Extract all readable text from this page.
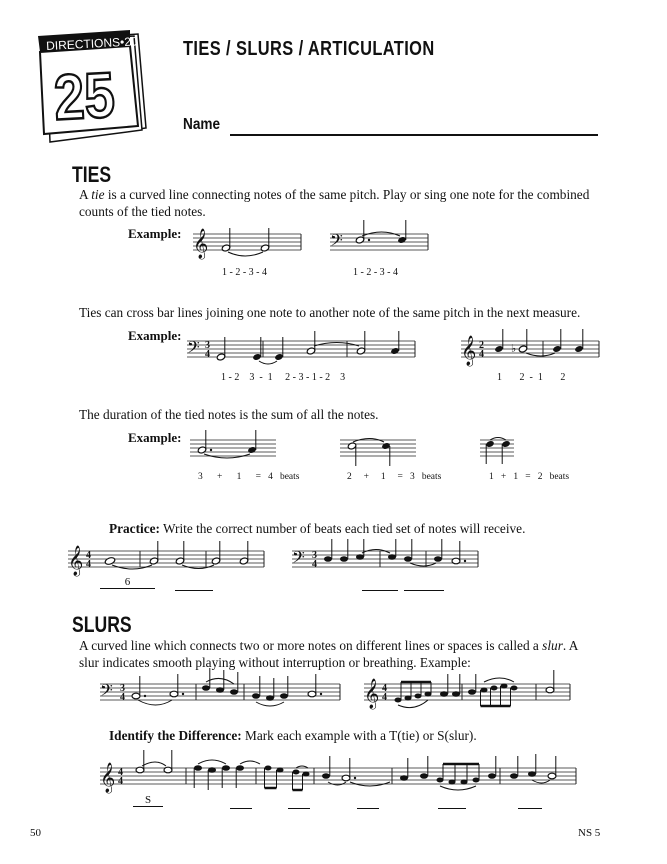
DIRECTIONS•20
25
TIES / SLURS / ARTICULATION
Name
TIES
A tie is a curved line connecting notes of the same pitch. Play or sing one note for the combined
counts of the tied notes.
Example: 𝄞
1 - 2 - 3 - 4
𝄢
1 - 2 - 3 - 4
Ties can cross bar lines joining one note to another note of the same pitch in the next measure.
Example:
𝄢 3
4
1 - 2    3  -  1     2 - 3 - 1 - 2    3
𝄞 2
4 ♭
1       2  -  1       2
The duration of the tied notes is the sum of all the notes.
Example:
3      +      1      =   4   beats	2     +     1     =   3   beats	1   +   1   =   2   beats
Practice: Write the correct number of beats each tied set of notes will receive.
𝄞 4
4
6
𝄢 3
4
SLURS
A curved line which connects two or more notes on different lines or spaces is called a slur. A
slur indicates smooth playing without interruption or breathing. Example:
𝄢 3
4	𝄞 4
4
Identify the Difference: Mark each example with a T(tie) or S(slur).
𝄞 4
4
S
50	NS 5
